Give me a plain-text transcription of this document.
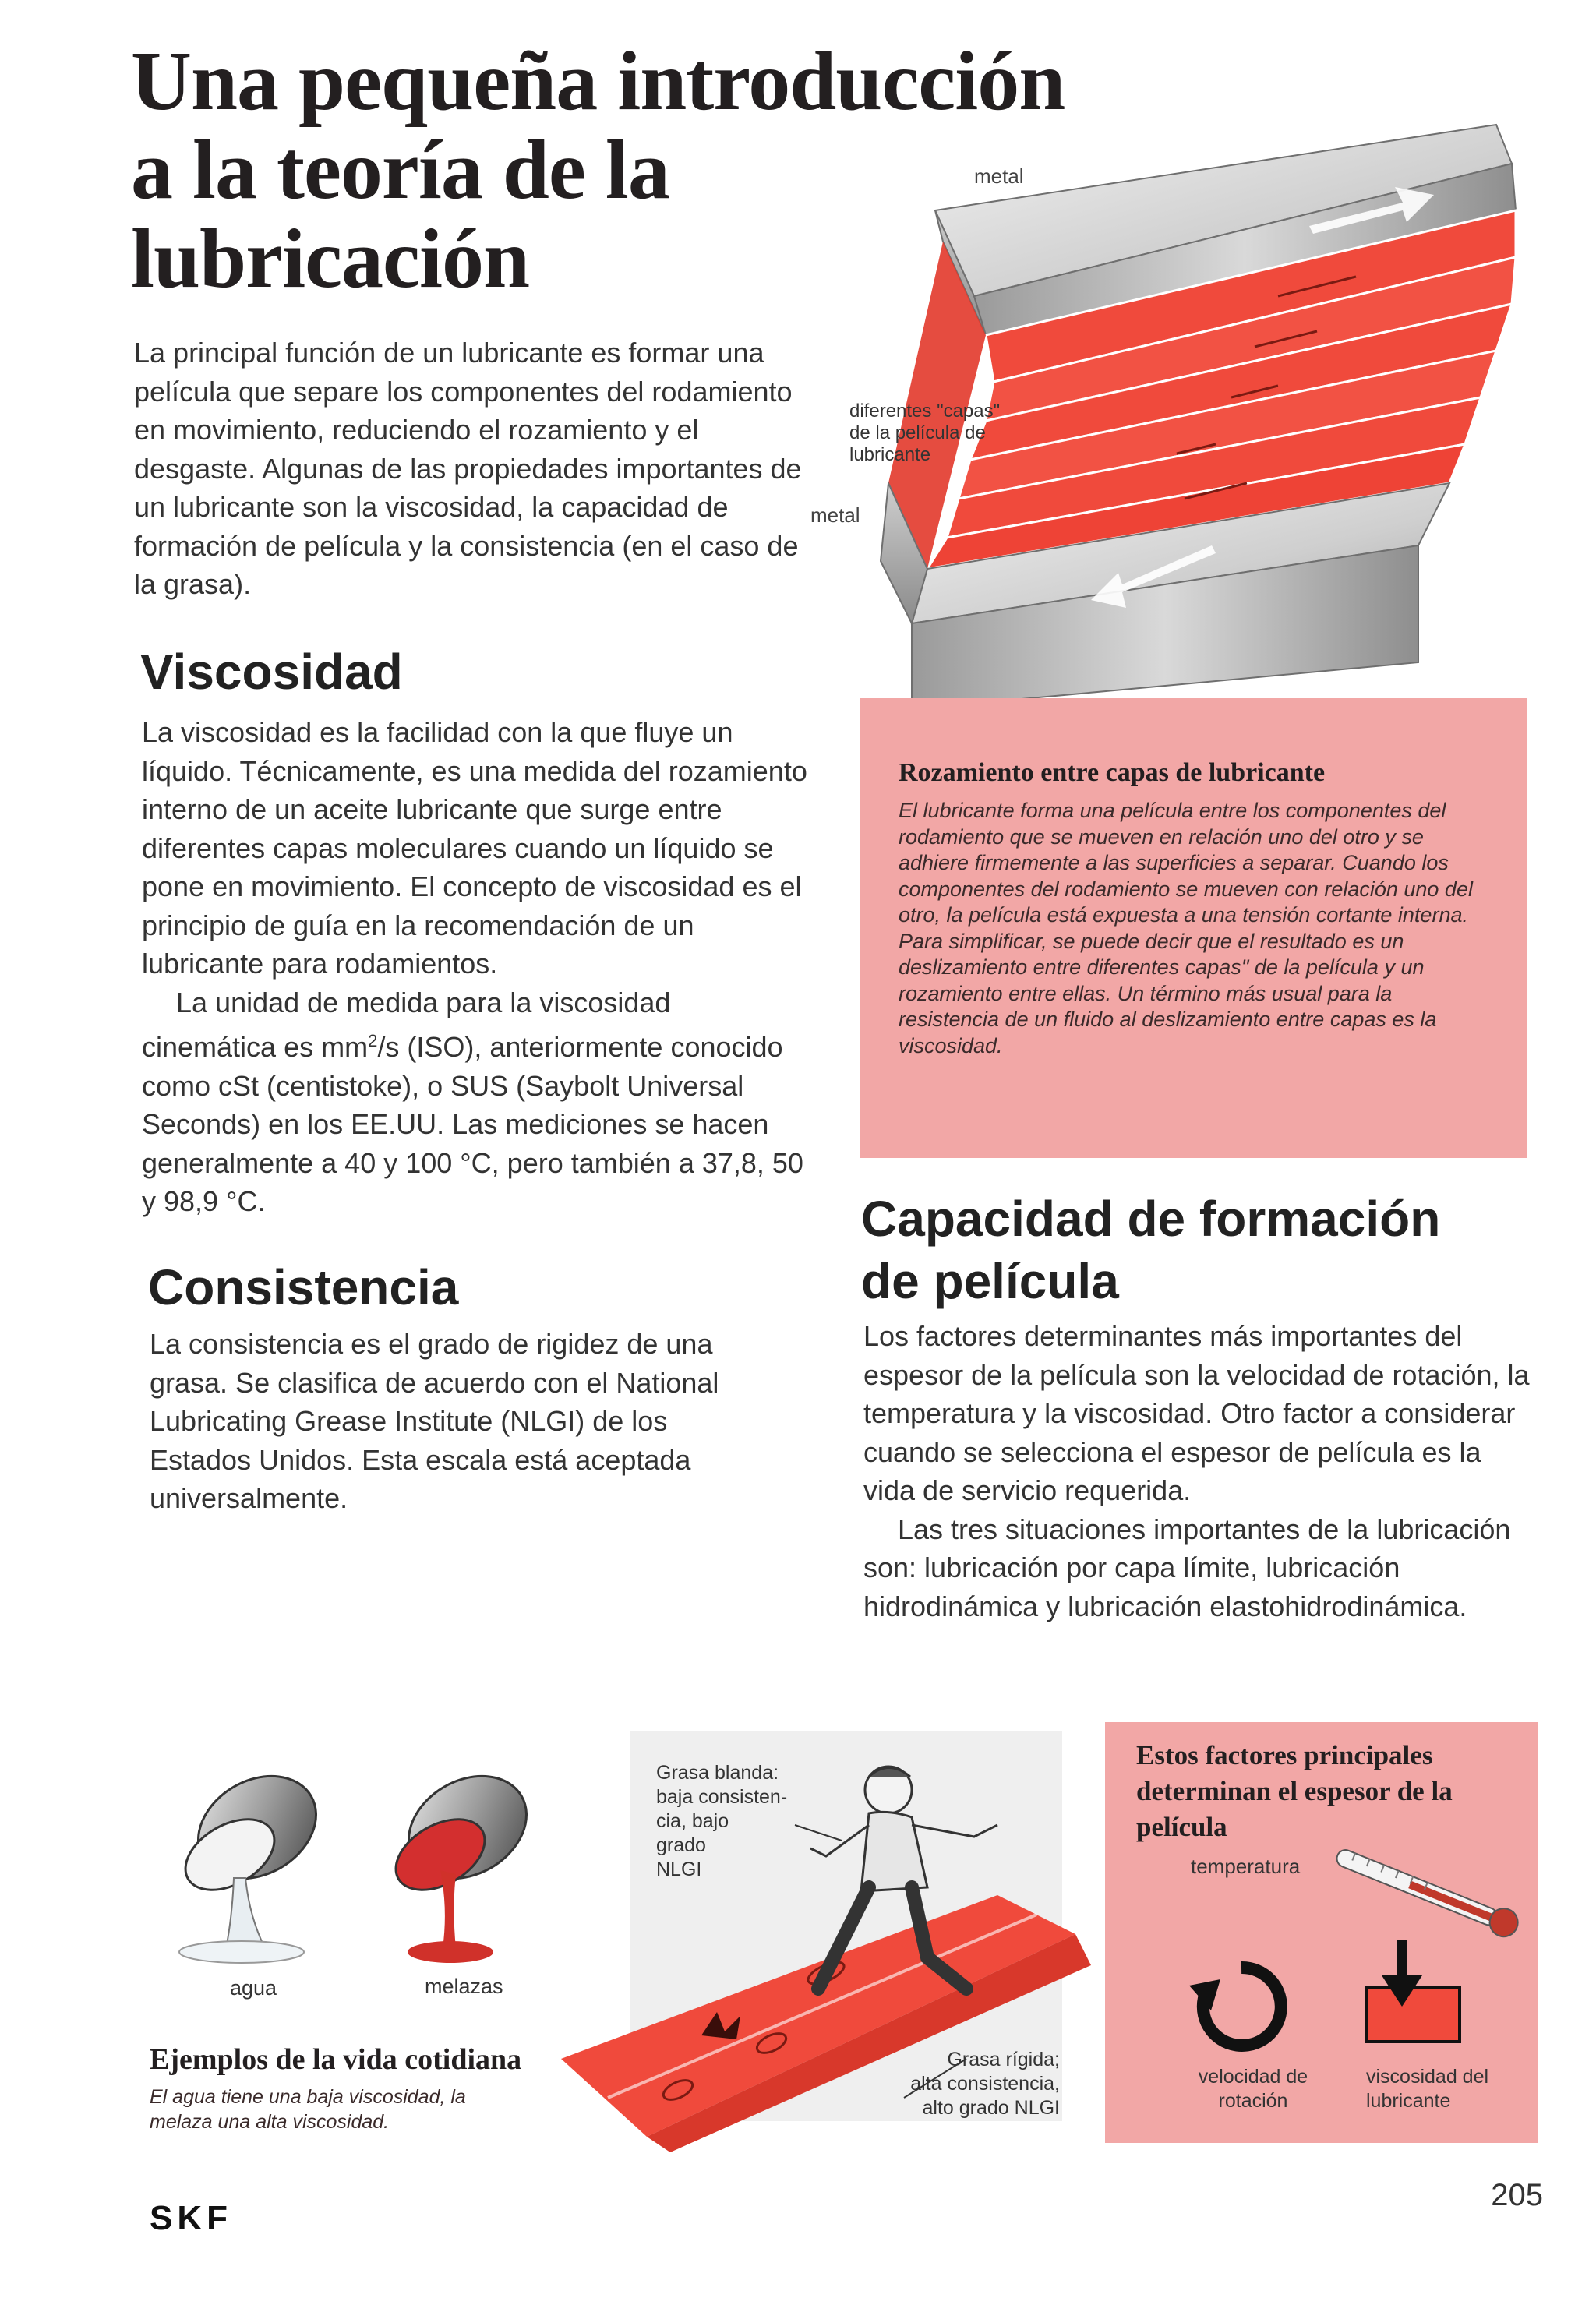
Una pequeña introducción
a la teoría de la
lubricación

La principal función de un lubricante es formar una película que separe los componentes del rodamiento en movimiento, reduciendo el rozamiento y el desgaste. Algunas de las propiedades importantes de un lubricante son la viscosidad, la capacidad de formación de película y la consistencia (en el caso de la grasa).

metal
metal
diferentes "capas"
de la película de
lubricante
Rozamiento entre capas de lubricante

El lubricante forma una película entre los componentes del rodamiento que se mueven en relación uno del otro y se adhiere firmemente a las superficies a separar. Cuando los componentes del rodamiento se mueven con relación uno del otro, la película está expuesta a una tensión cortante interna. Para simplificar, se puede decir que el resultado es un deslizamiento entre diferentes capas" de la película y un rozamiento entre ellas. Un término más usual para la resistencia de un fluido al deslizamiento entre capas es la viscosidad.

Viscosidad

La viscosidad es la facilidad con la que fluye un líquido. Técnicamente, es una medida del rozamiento interno de un aceite lubricante que surge entre diferentes capas moleculares cuando un líquido se pone en movimiento. El concepto de viscosidad es el principio de guía en la recomendación de un lubricante para rodamientos.

La unidad de medida para la viscosidad cinemática es $mm^2/s$ (ISO), anteriormente conocido como cSt (centistoke), o SUS (Saybolt Universal Seconds) en los EE.UU. Las mediciones se hacen generalmente a 40 y 100 °C, pero también a 37,8, 50 y 98,9 °C.

Consistencia

La consistencia es el grado de rigidez de una grasa. Se clasifica de acuerdo con el National Lubricating Grease Institute (NLGI) de los Estados Unidos. Esta escala está aceptada universalmente.

Capacidad de formación
de película

Los factores determinantes más importantes del espesor de la película son la velocidad de rotación, la temperatura y la viscosidad. Otro factor a considerar cuando se selecciona el espesor de película es la vida de servicio requerida.

Las tres situaciones importantes de la lubricación son: lubricación por capa límite, lubricación hidrodinámica y lubricación elastohidrodinámica.

agua	melazas
Ejemplos de la vida cotidiana

El agua tiene una baja viscosidad, la

melaza una alta viscosidad.

Grasa blanda:

baja consisten-

cia, bajo

grado

NLGI

Grasa rígida;

alta consistencia,

alto grado NLGI

Estos factores principales
determinan el espesor de la
película
temperatura
velocidad de
rotación
viscosidad del
lubricante
SKF
205
